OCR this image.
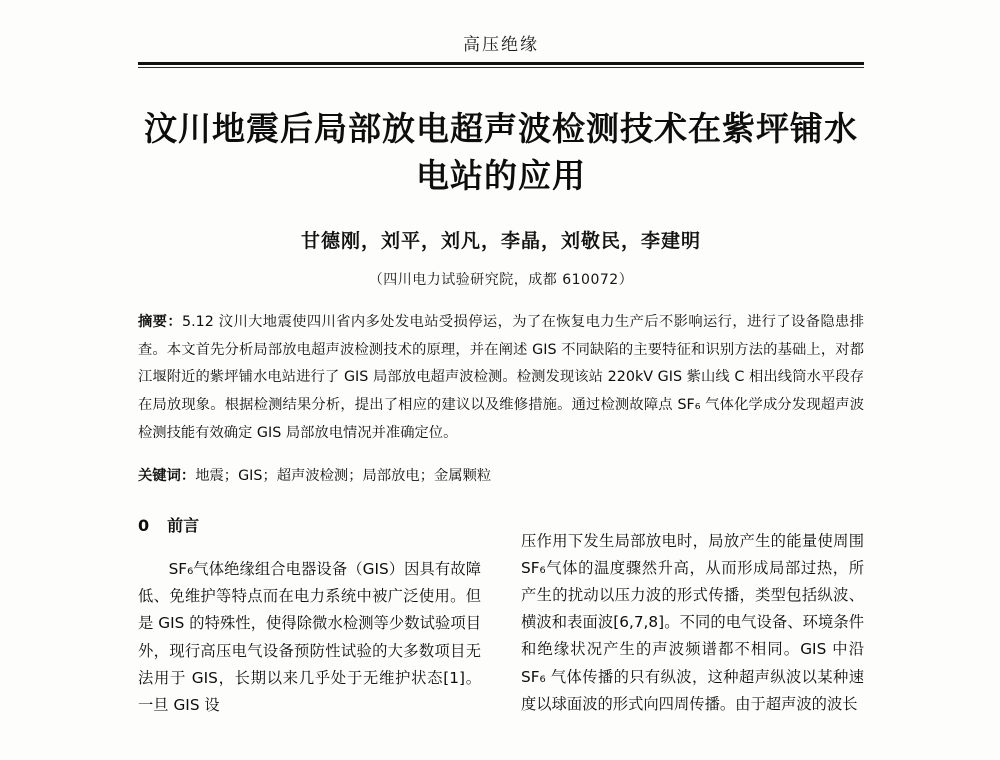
高压绝缘
汶川地震后局部放电超声波检测技术在紫坪铺水电站的应用
甘德刚，刘平，刘凡，李晶，刘敬民，李建明
（四川电力试验研究院，成都 610072）
摘要：5.12 汶川大地震使四川省内多处发电站受损停运，为了在恢复电力生产后不影响运行，进行了设备隐患排查。本文首先分析局部放电超声波检测技术的原理，并在阐述 GIS 不同缺陷的主要特征和识别方法的基础上，对都江堰附近的紫坪铺水电站进行了 GIS 局部放电超声波检测。检测发现该站 220kV GIS 紫山线 C 相出线筒水平段存在局放现象。根据检测结果分析，提出了相应的建议以及维修措施。通过检测故障点 SF₆ 气体化学成分发现超声波检测技能有效确定 GIS 局部放电情况并准确定位。
关键词：地震；GIS；超声波检测；局部放电；金属颗粒
0 前言

SF₆气体绝缘组合电器设备（GIS）因具有故障低、免维护等特点而在电力系统中被广泛使用。但是 GIS 的特殊性，使得除微水检测等少数试验项目外，现行高压电气设备预防性试验的大多数项目无法用于 GIS，长期以来几乎处于无维护状态[1]。一旦 GIS 设

压作用下发生局部放电时，局放产生的能量使周围 SF₆气体的温度骤然升高，从而形成局部过热，所产生的扰动以压力波的形式传播，类型包括纵波、横波和表面波[6,7,8]。不同的电气设备、环境条件和绝缘状况产生的声波频谱都不相同。GIS 中沿 SF₆ 气体传播的只有纵波，这种超声纵波以某种速度以球面波的形式向四周传播。由于超声波的波长
